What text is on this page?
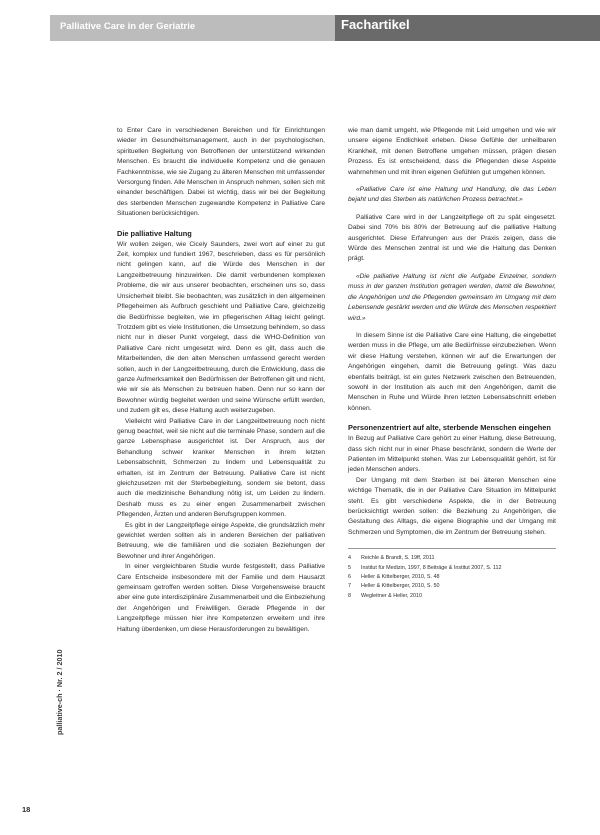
Palliative Care in der Geriatrie	Fachartikel

to Enter Care in verschiedenen Bereichen und für Einrichtungen wieder im Gesundheitsmanagement, auch in der psychologischen, spirituellen Begleitung von Betroffenen der unterstützend wirkenden Menschen. Es braucht die individuelle Kompetenz und die genauen Fachkenntnisse, wie sie Zugang zu älteren Menschen mit umfassender Versorgung finden. Alle Menschen in Anspruch nehmen, sollen sich mit einander beschäftigen. Dabei ist wichtig, dass wir bei der Begleitung des sterbenden Menschen zugewandte Kompetenz in Palliative Care Situationen berücksichtigen.

Die palliative Haltung

Wir wollen zeigen, wie Cicely Saunders, zwei wort auf einer zu gut Zeit, komplex und fundiert 1967, beschrieben, dass es für persönlich nicht gelingen kann, auf die Würde des Menschen in der Langzeitbetreuung hinzuwirken. Die damit verbundenen komplexen Probleme, die wir aus unserer beobachten, erscheinen uns so, dass Unsicherheit bleibt. Sie beobachten, was zusätzlich in den allgemeinen Pflegeheimen als Aufbruch geschieht und Palliative Care, gleichzeitig die Bedürfnisse begleiten, wie im pflegerischen Alltag leicht gelingt. Trotzdem gibt es viele Institutionen, die Umsetzung behindern, so dass nicht nur in dieser Punkt vorgelegt, dass die WHO-Definition von Palliative Care nicht umgesetzt wird. Denn es gilt, dass auch die Mitarbeitenden, die den alten Menschen umfassend gerecht werden sollen, auch in der Langzeitbetreuung, durch die Entwicklung, dass die ganze Aufmerksamkeit den Bedürfnissen der Betroffenen gilt und nicht, wie wir sie als Menschen zu betreuen haben. Denn nur so kann der Bewohner würdig begleitet werden und seine Wünsche erfüllt werden, und zudem gilt es, diese Haltung auch weiterzugeben.

Vielleicht wird Palliative Care in der Langzeitbetreuung noch nicht genug beachtet, weil sie nicht auf die terminale Phase, sondern auf die ganze Lebensphase ausgerichtet ist. Der Anspruch, aus der Behandlung schwer kranker Menschen in ihrem letzten Lebensabschnitt, Schmerzen zu lindern und Lebensqualität zu erhalten, ist im Zentrum der Betreuung. Palliative Care ist nicht gleichzusetzen mit der Sterbebegleitung, sondern sie betont, dass auch die medizinische Behandlung nötig ist, um Leiden zu lindern. Deshalb muss es zu einer engen Zusammenarbeit zwischen Pflegenden, Ärzten und anderen Berufsgruppen kommen.

Es gibt in der Langzeitpflege einige Aspekte, die grundsätzlich mehr gewichtet werden sollten als in anderen Bereichen der palliativen Betreuung, wie die familiären und die sozialen Beziehungen der Bewohner und ihrer Angehörigen.

In einer vergleichbaren Studie wurde festgestellt, dass Palliative Care Entscheide insbesondere mit der Familie und dem Hausarzt gemeinsam getroffen werden sollten. Diese Vorgehensweise braucht aber eine gute interdisziplinäre Zusammenarbeit und die Einbeziehung der Angehörigen und Freiwilligen. Gerade Pflegende in der Langzeitpflege müssen hier ihre Kompetenzen erweitern und ihre Haltung überdenken, um diese Herausforderungen zu bewältigen.

wie man damit umgeht, wie Pflegende mit Leid umgehen und wie wir unsere eigene Endlichkeit erleben. Diese Gefühle der unheilbaren Krankheit, mit denen Betroffene umgehen müssen, prägen diesen Prozess. Es ist entscheidend, dass die Pflegenden diese Aspekte wahrnehmen und mit ihren eigenen Gefühlen gut umgehen können.

«Palliative Care ist eine Haltung und Handlung, die das Leben bejaht und das Sterben als natürlichen Prozess betrachtet.»

Palliative Care wird in der Langzeitpflege oft zu spät eingesetzt. Dabei sind 70% bis 80% der Betreuung auf die palliative Haltung ausgerichtet. Diese Erfahrungen aus der Praxis zeigen, dass die Würde des Menschen zentral ist und wie die Haltung das Denken prägt.

«Die palliative Haltung ist nicht die Aufgabe Einzelner, sondern muss in der ganzen Institution getragen werden, damit die Bewohner, die Angehörigen und die Pflegenden gemeinsam im Umgang mit dem Lebensende gestärkt werden und die Würde des Menschen respektiert wird.»

In diesem Sinne ist die Palliative Care eine Haltung, die eingebettet werden muss in die Pflege, um alle Bedürfnisse einzubeziehen. Wenn wir diese Haltung verstehen, können wir auf die Erwartungen der Angehörigen eingehen, damit die Betreuung gelingt. Was dazu ebenfalls beiträgt, ist ein gutes Netzwerk zwischen den Betreuenden, sowohl in der Institution als auch mit den Angehörigen, damit die Menschen in Ruhe und Würde ihren letzten Lebensabschnitt erleben können.

Personenzentriert auf alte, sterbende Menschen eingehen

In Bezug auf Palliative Care gehört zu einer Haltung, diese Betreuung, dass sich nicht nur in einer Phase beschränkt, sondern die Werte der Patienten im Mittelpunkt stehen. Was zur Lebensqualität gehört, ist für jeden Menschen anders.

Der Umgang mit dem Sterben ist bei älteren Menschen eine wichtige Thematik, die in der Palliative Care Situation im Mittelpunkt steht. Es gibt verschiedene Aspekte, die in der Betreuung berücksichtigt werden sollen: die Beziehung zu Angehörigen, die Gestaltung des Alltags, die eigene Biographie und der Umgang mit Schmerzen und Symptomen, die im Zentrum der Betreuung stehen.

4	Reichle & Brandt, S. 19ff, 2011
5	Institut für Medizin, 1997, 8 Beiträge & Institut 2007, S. 112
6	Heller & Kittelberger, 2010, S. 48
7	Heller & Kittelberger, 2010, S. 50
8	Wegleitner & Heller, 2010
palliative-ch · Nr. 2 / 2010
18
